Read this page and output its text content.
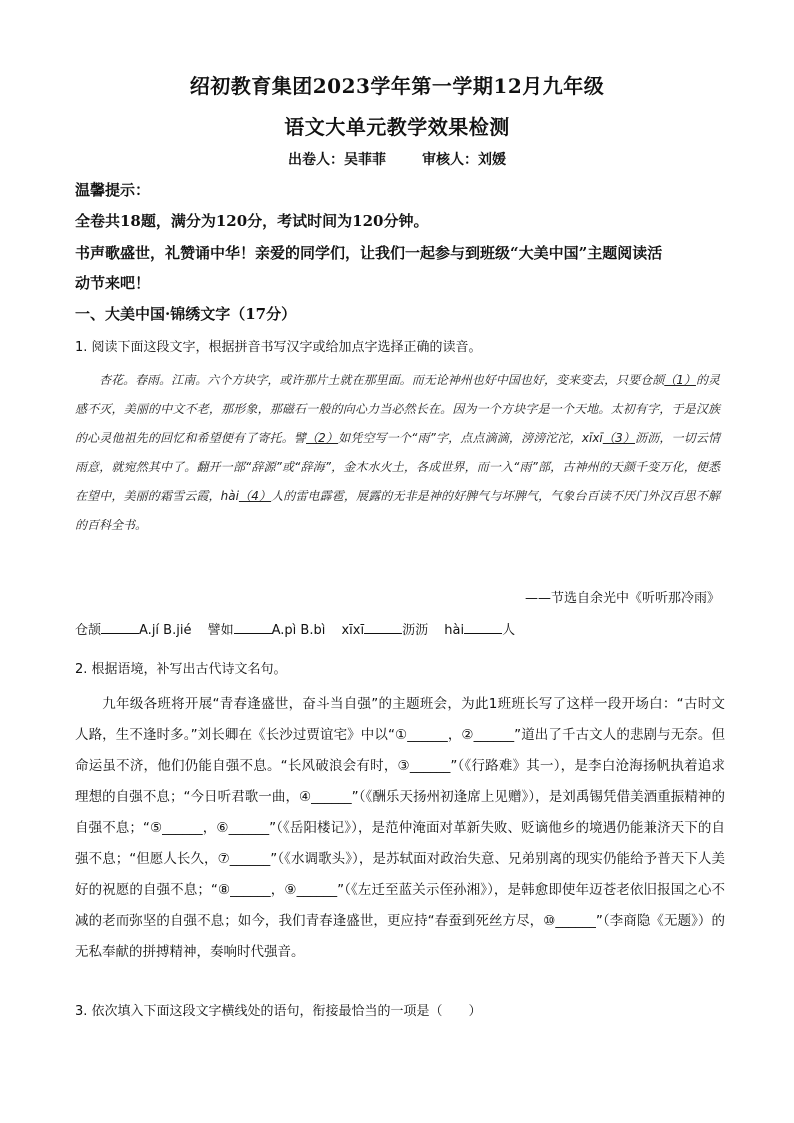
绍初教育集团2023学年第一学期12月九年级
语文大单元教学效果检测
出卷人：吴菲菲	审核人：刘媛
温馨提示：
全卷共18题，满分为120分，考试时间为120分钟。
书声歌盛世，礼赞诵中华！亲爱的同学们，让我们一起参与到班级“大美中国”主题阅读活
动节来吧！
一、大美中国·锦绣文字（17分）
1. 阅读下面这段文字，根据拼音书写汉字或给加点字选择正确的读音。
杏花。春雨。江南。六个方块字，或许那片土就在那里面。而无论神州也好中国也好，变来变去，只要仓颉（1）的灵感不灭，美丽的中文不老，那形象，那磁石一般的向心力当必然长在。因为一个方块字是一个天地。太初有字，于是汉族的心灵他祖先的回忆和希望便有了寄托。譬（2）如凭空写一个“雨”字，点点滴滴，滂滂沱沱，xīxī（3）沥沥，一切云情雨意，就宛然其中了。翻开一部“辞源”或“辞海”，金木水火土，各成世界，而一入“雨”部，古神州的天颜千变万化，便悉在望中，美丽的霜雪云霞，hài（4）人的雷电霹雹，展露的无非是神的好脾气与坏脾气，气象台百读不厌门外汉百思不解的百科全书。
——节选自余光中《听听那冷雨》
仓颉	A.jí B.jié 譬如	A.pì B.bì xīxī	沥沥 hài	人
2. 根据语境，补写出古代诗文名句。
九年级各班将开展“青春逢盛世，奋斗当自强”的主题班会，为此1班班长写了这样一段开场白：“古时文人路，生不逢时多。”刘长卿在《长沙过贾谊宅》中以“①______，②______”道出了千古文人的悲剧与无奈。但命运虽不济，他们仍能自强不息。“长风破浪会有时，③______”（《行路难》其一），是李白沧海扬帆执着追求理想的自强不息；“今日听君歌一曲，④______”（《酬乐天扬州初逢席上见赠》），是刘禹锡凭借美酒重振精神的自强不息；“⑤______，⑥______”（《岳阳楼记》），是范仲淹面对革新失败、贬谪他乡的境遇仍能兼济天下的自强不息；“但愿人长久，⑦______”（《水调歌头》），是苏轼面对政治失意、兄弟别离的现实仍能给予普天下人美好的祝愿的自强不息；“⑧______，⑨______”（《左迁至蓝关示侄孙湘》），是韩愈即使年迈苍老依旧报国之心不减的老而弥坚的自强不息；如今，我们青春逢盛世，更应持“春蚕到死丝方尽，⑩______”（李商隐《无题》）的无私奉献的拼搏精神，奏响时代强音。
3. 依次填入下面这段文字横线处的语句，衔接最恰当的一项是（　　）
